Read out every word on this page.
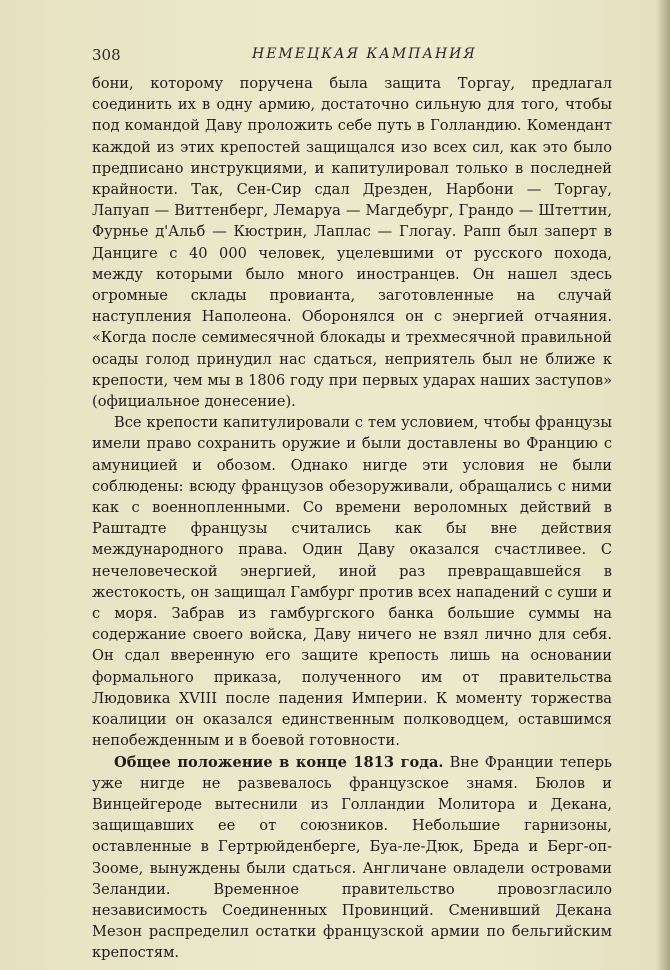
308	НЕМЕЦКАЯ КАМПАНИЯ

бони, которому поручена была защита Торгау, предлагал соединить их в одну армию, достаточно сильную для того, чтобы под командой Даву проложить себе путь в Голландию. Комендант каждой из этих крепостей защищался изо всех сил, как это было предписано инструкциями, и капитулировал только в последней крайности. Так, Сен-Сир сдал Дрезден, Нарбони — Торгау, Лапуап — Виттенберг, Лемаруа — Магдебург, Грандо — Штеттин, Фурнье д'Альб — Кюстрин, Лаплас — Глогау. Рапп был заперт в Данциге с 40 000 человек, уцелевшими от русского похода, между которыми было много иностранцев. Он нашел здесь огромные склады провианта, заготовленные на случай наступления Наполеона. Оборонялся он с энергией отчаяния. «Когда после семимесячной блокады и трехмесячной правильной осады голод принудил нас сдаться, неприятель был не ближе к крепости, чем мы в 1806 году при первых ударах наших заступов» (официальное донесение).

Все крепости капитулировали с тем условием, чтобы французы имели право сохранить оружие и были доставлены во Францию с амуницией и обозом. Однако нигде эти условия не были соблюдены: всюду французов обезоруживали, обращались с ними как с военнопленными. Со времени вероломных действий в Раштадте французы считались как бы вне действия международного права. Один Даву оказался счастливее. С нечеловеческой энергией, иной раз превращавшейся в жестокость, он защищал Гамбург против всех нападений с суши и с моря. Забрав из гамбургского банка большие суммы на содержание своего войска, Даву ничего не взял лично для себя. Он сдал вверенную его защите крепость лишь на основании формального приказа, полученного им от правительства Людовика XVIII после падения Империи. К моменту торжества коалиции он оказался единственным полководцем, оставшимся непобежденным и в боевой готовности.

Общее положение в конце 1813 года. Вне Франции теперь уже нигде не развевалось французское знамя. Бюлов и Винцейгероде вытеснили из Голландии Молитора и Декана, защищавших ее от союзников. Небольшие гарнизоны, оставленные в Гертрюйденберге, Буа-ле-Дюк, Бреда и Берг-оп-Зооме, вынуждены были сдаться. Англичане овладели островами Зеландии. Временное правительство провозгласило независимость Соединенных Провинций. Сменивший Декана Мезон распределил остатки французской армии по бельгийским крепостям.
